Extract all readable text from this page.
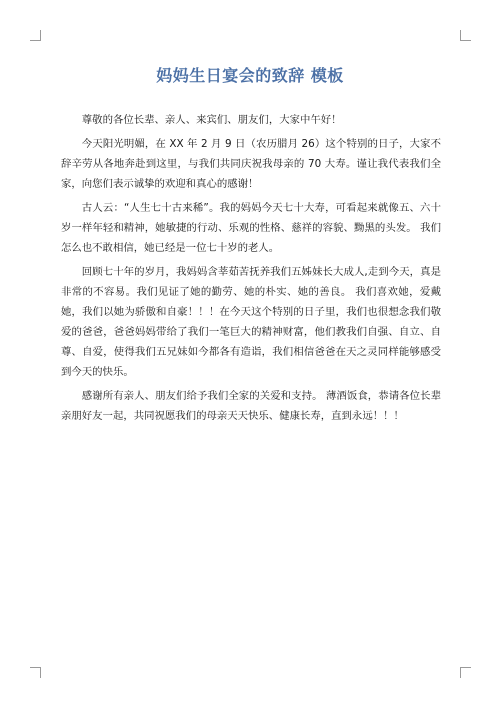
妈妈生日宴会的致辞 模板

尊敬的各位长辈、亲人、来宾们、朋友们，大家中午好！

今天阳光明媚，在 XX 年 2 月 9 日（农历腊月 26）这个特别的日子，大家不辞辛劳从各地奔赴到这里，与我们共同庆祝我母亲的 70 大寿。谨让我代表我们全家，向您们表示诚挚的欢迎和真心的感谢！

古人云：“人生七十古来稀”。我的妈妈今天七十大寿，可看起来就像五、六十岁一样年轻和精神，她敏捷的行动、乐观的性格、慈祥的容貌、黝黑的头发。 我们怎么也不敢相信，她已经是一位七十岁的老人。

回顾七十年的岁月，我妈妈含莘茹苦抚养我们五姊妹长大成人,走到今天，真是非常的不容易。我们见证了她的勤劳、她的朴实、她的善良。 我们喜欢她，爱戴她，我们以她为骄傲和自豪！！！在今天这个特别的日子里，我们也很想念我们敬爱的爸爸，爸爸妈妈带给了我们一笔巨大的精神财富，他们教我们自强、自立、自尊、自爱，使得我们五兄妹如今都各有造诣，我们相信爸爸在天之灵同样能够感受到今天的快乐。

感谢所有亲人、朋友们给予我们全家的关爱和支持。 薄酒饭食，恭请各位长辈亲朋好友一起，共同祝愿我们的母亲天天快乐、健康长寿，直到永远！！！
